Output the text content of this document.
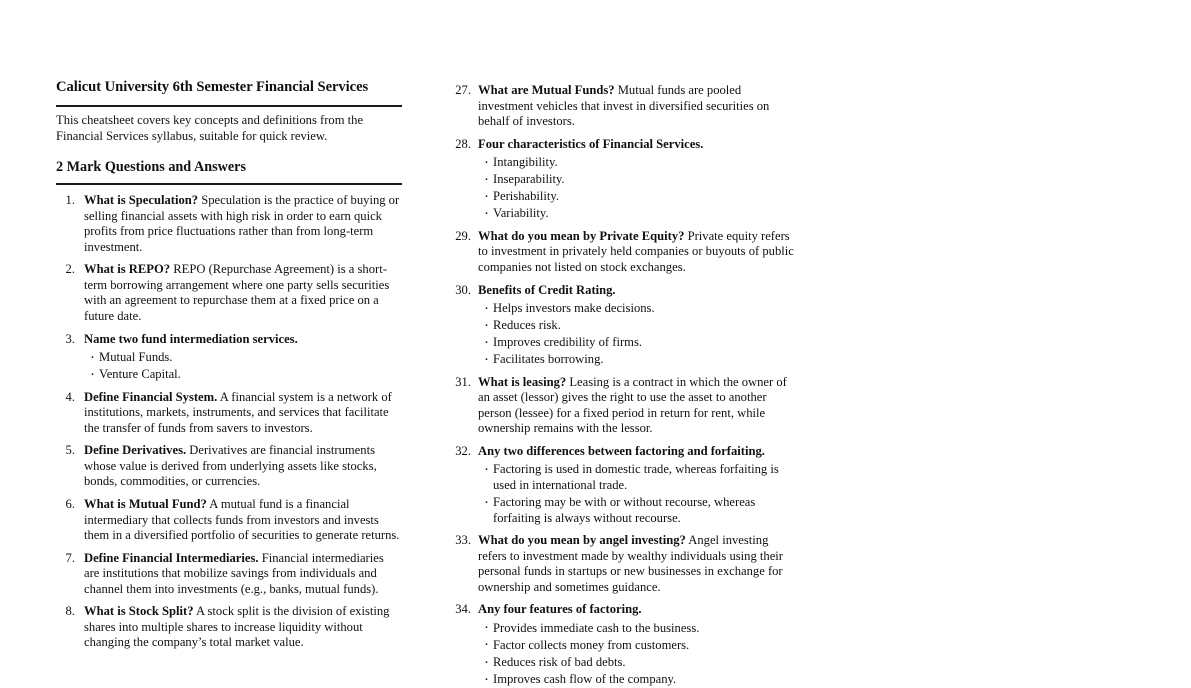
Calicut University 6th Semester Financial Services

This cheatsheet covers key concepts and definitions from the Financial Services syllabus, suitable for quick review.

2 Mark Questions and Answers
1. What is Speculation? Speculation is the practice of buying or selling financial assets with high risk in order to earn quick profits from price fluctuations rather than from long-term investment.
2. What is REPO? REPO (Repurchase Agreement) is a short-term borrowing arrangement where one party sells securities with an agreement to repurchase them at a fixed price on a future date.
3. Name two fund intermediation services.
· Mutual Funds.
· Venture Capital.
4. Define Financial System. A financial system is a network of institutions, markets, instruments, and services that facilitate the transfer of funds from savers to investors.
5. Define Derivatives. Derivatives are financial instruments whose value is derived from underlying assets like stocks, bonds, commodities, or currencies.
6. What is Mutual Fund? A mutual fund is a financial intermediary that collects funds from investors and invests them in a diversified portfolio of securities to generate returns.
7. Define Financial Intermediaries. Financial intermediaries are institutions that mobilize savings from individuals and channel them into investments (e.g., banks, mutual funds).
8. What is Stock Split? A stock split is the division of existing shares into multiple shares to increase liquidity without changing the company’s total market value.
27. What are Mutual Funds? Mutual funds are pooled investment vehicles that invest in diversified securities on behalf of investors.
28. Four characteristics of Financial Services.
· Intangibility.
· Inseparability.
· Perishability.
· Variability.
29. What do you mean by Private Equity? Private equity refers to investment in privately held companies or buyouts of public companies not listed on stock exchanges.
30. Benefits of Credit Rating.
· Helps investors make decisions.
· Reduces risk.
· Improves credibility of firms.
· Facilitates borrowing.
31. What is leasing? Leasing is a contract in which the owner of an asset (lessor) gives the right to use the asset to another person (lessee) for a fixed period in return for rent, while ownership remains with the lessor.
32. Any two differences between factoring and forfaiting.
· Factoring is used in domestic trade, whereas forfaiting is used in international trade.
· Factoring may be with or without recourse, whereas forfaiting is always without recourse.
33. What do you mean by angel investing? Angel investing refers to investment made by wealthy individuals using their personal funds in startups or new businesses in exchange for ownership and sometimes guidance.
34. Any four features of factoring.
· Provides immediate cash to the business.
· Factor collects money from customers.
· Reduces risk of bad debts.
· Improves cash flow of the company.
